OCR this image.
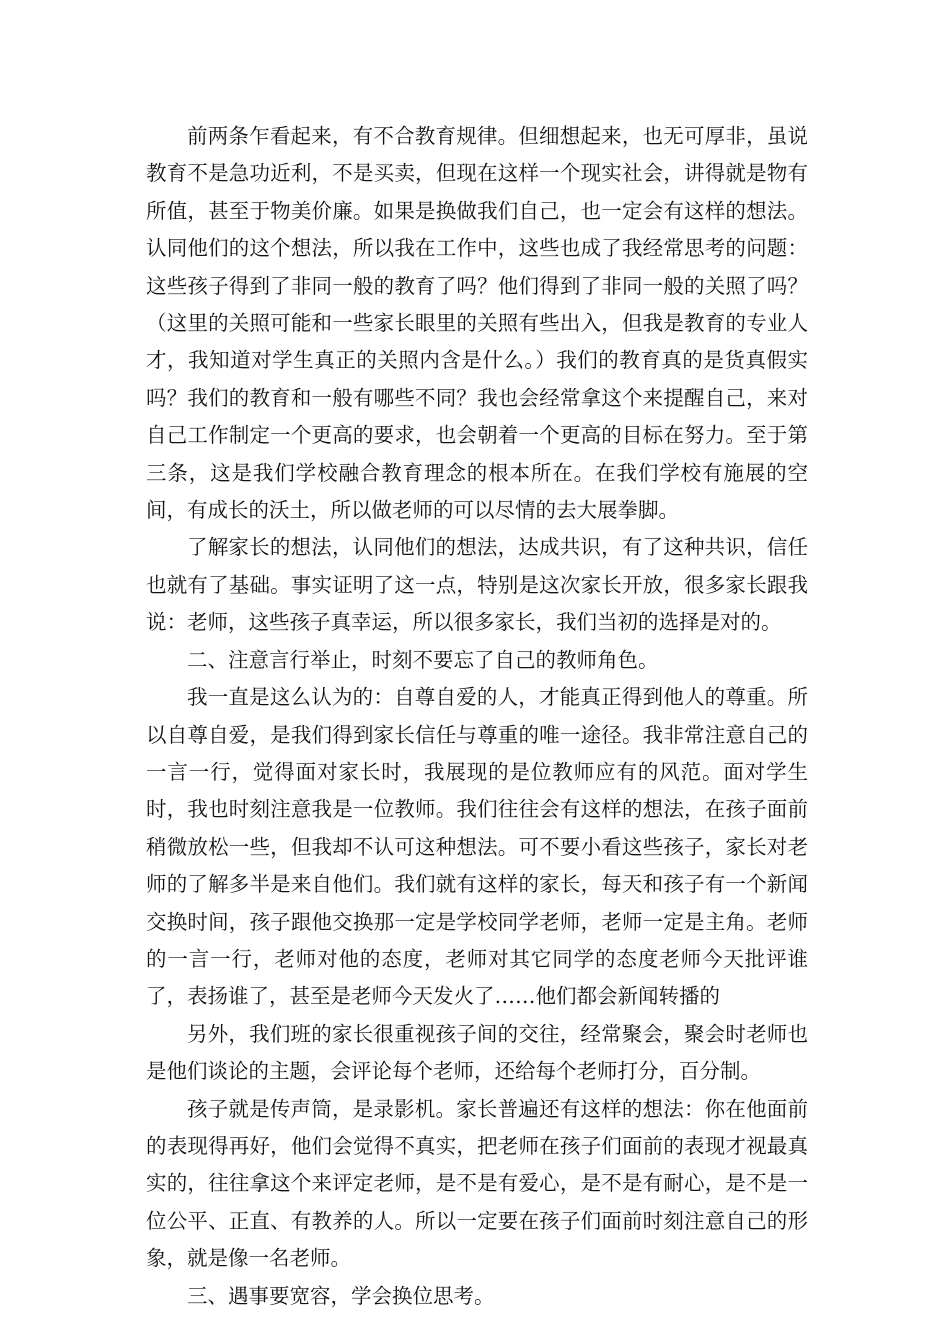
前两条乍看起来，有不合教育规律。但细想起来，也无可厚非，虽说教育不是急功近利，不是买卖，但现在这样一个现实社会，讲得就是物有所值，甚至于物美价廉。如果是换做我们自己，也一定会有这样的想法。认同他们的这个想法，所以我在工作中，这些也成了我经常思考的问题：这些孩子得到了非同一般的教育了吗？他们得到了非同一般的关照了吗？（这里的关照可能和一些家长眼里的关照有些出入，但我是教育的专业人才，我知道对学生真正的关照内含是什么。）我们的教育真的是货真假实吗？我们的教育和一般有哪些不同？我也会经常拿这个来提醒自己，来对自己工作制定一个更高的要求，也会朝着一个更高的目标在努力。至于第三条，这是我们学校融合教育理念的根本所在。在我们学校有施展的空间，有成长的沃土，所以做老师的可以尽情的去大展拳脚。

了解家长的想法，认同他们的想法，达成共识，有了这种共识，信任也就有了基础。事实证明了这一点，特别是这次家长开放，很多家长跟我说：老师，这些孩子真幸运，所以很多家长，我们当初的选择是对的。

二、注意言行举止，时刻不要忘了自己的教师角色。

我一直是这么认为的：自尊自爱的人，才能真正得到他人的尊重。所以自尊自爱，是我们得到家长信任与尊重的唯一途径。我非常注意自己的一言一行，觉得面对家长时，我展现的是位教师应有的风范。面对学生时，我也时刻注意我是一位教师。我们往往会有这样的想法，在孩子面前稍微放松一些，但我却不认可这种想法。可不要小看这些孩子，家长对老师的了解多半是来自他们。我们就有这样的家长，每天和孩子有一个新闻交换时间，孩子跟他交换那一定是学校同学老师，老师一定是主角。老师的一言一行，老师对他的态度，老师对其它同学的态度老师今天批评谁了，表扬谁了，甚至是老师今天发火了……他们都会新闻转播的

另外，我们班的家长很重视孩子间的交往，经常聚会，聚会时老师也是他们谈论的主题，会评论每个老师，还给每个老师打分，百分制。

孩子就是传声筒，是录影机。家长普遍还有这样的想法：你在他面前的表现得再好，他们会觉得不真实，把老师在孩子们面前的表现才视最真实的，往往拿这个来评定老师，是不是有爱心，是不是有耐心，是不是一位公平、正直、有教养的人。所以一定要在孩子们面前时刻注意自己的形象，就是像一名老师。

三、遇事要宽容，学会换位思考。
